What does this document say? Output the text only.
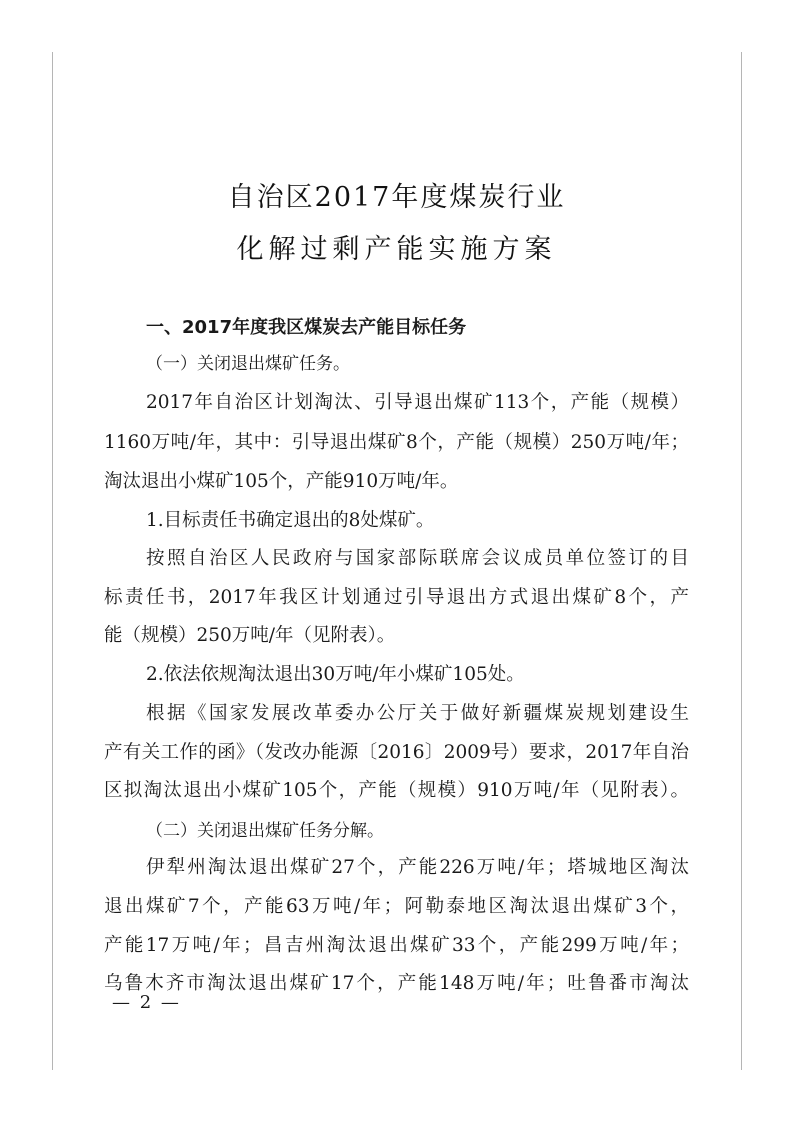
自治区2017年度煤炭行业
化解过剩产能实施方案
一、2017年度我区煤炭去产能目标任务
（一）关闭退出煤矿任务。
2017年自治区计划淘汰、引导退出煤矿113个，产能（规模）
1160万吨/年，其中：引导退出煤矿8个，产能（规模）250万吨/年；
淘汰退出小煤矿105个，产能910万吨/年。
1.目标责任书确定退出的8处煤矿。
按照自治区人民政府与国家部际联席会议成员单位签订的目
标责任书，2017年我区计划通过引导退出方式退出煤矿8个，产
能（规模）250万吨/年（见附表）。
2.依法依规淘汰退出30万吨/年小煤矿105处。
根据《国家发展改革委办公厅关于做好新疆煤炭规划建设生
产有关工作的函》（发改办能源〔2016〕2009号）要求，2017年自治
区拟淘汰退出小煤矿105个，产能（规模）910万吨/年（见附表）。
（二）关闭退出煤矿任务分解。
伊犁州淘汰退出煤矿27个，产能226万吨/年；塔城地区淘汰
退出煤矿7个，产能63万吨/年；阿勒泰地区淘汰退出煤矿3个，
产能17万吨/年；昌吉州淘汰退出煤矿33个，产能299万吨/年；
乌鲁木齐市淘汰退出煤矿17个，产能148万吨/年；吐鲁番市淘汰
— 2 —
